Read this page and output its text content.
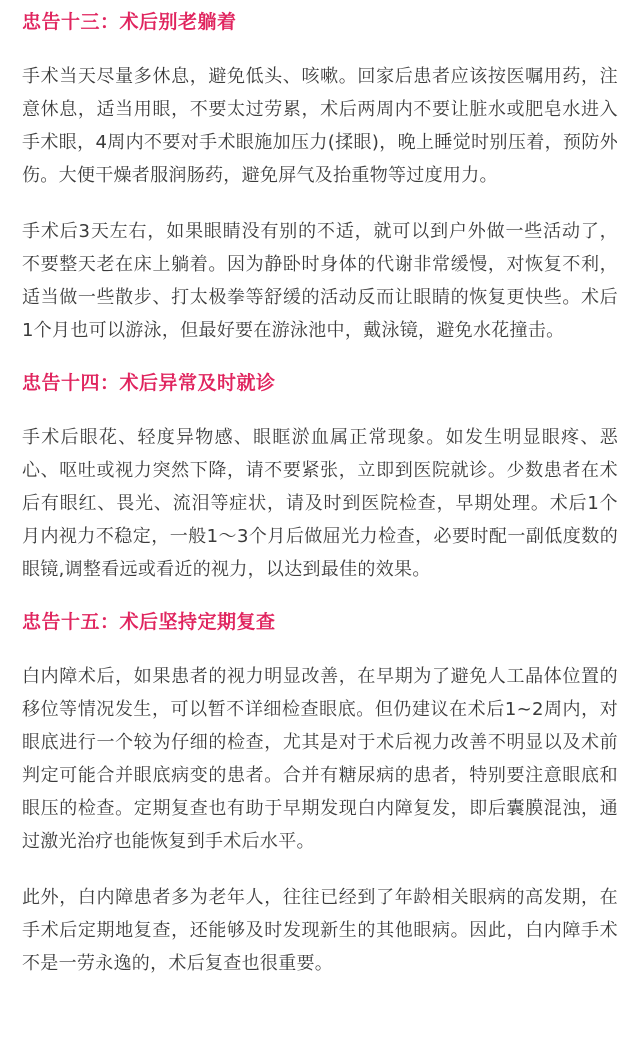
忠告十三：术后别老躺着

手术当天尽量多休息，避免低头、咳嗽。回家后患者应该按医嘱用药，注意休息，适当用眼，不要太过劳累，术后两周内不要让脏水或肥皂水进入手术眼，4周内不要对手术眼施加压力(揉眼)，晚上睡觉时别压着，预防外伤。大便干燥者服润肠药，避免屏气及抬重物等过度用力。

手术后3天左右，如果眼睛没有别的不适，就可以到户外做一些活动了，不要整天老在床上躺着。因为静卧时身体的代谢非常缓慢，对恢复不利，适当做一些散步、打太极拳等舒缓的活动反而让眼睛的恢复更快些。术后1个月也可以游泳，但最好要在游泳池中，戴泳镜，避免水花撞击。

忠告十四：术后异常及时就诊

手术后眼花、轻度异物感、眼眶淤血属正常现象。如发生明显眼疼、恶心、呕吐或视力突然下降，请不要紧张，立即到医院就诊。少数患者在术后有眼红、畏光、流泪等症状，请及时到医院检查，早期处理。术后1个月内视力不稳定，一般1～3个月后做屈光力检查，必要时配一副低度数的眼镜,调整看远或看近的视力，以达到最佳的效果。

忠告十五：术后坚持定期复查

白内障术后，如果患者的视力明显改善，在早期为了避免人工晶体位置的移位等情况发生，可以暂不详细检查眼底。但仍建议在术后1~2周内，对眼底进行一个较为仔细的检查，尤其是对于术后视力改善不明显以及术前判定可能合并眼底病变的患者。合并有糖尿病的患者，特别要注意眼底和眼压的检查。定期复查也有助于早期发现白内障复发，即后囊膜混浊，通过激光治疗也能恢复到手术后水平。

此外，白内障患者多为老年人，往往已经到了年龄相关眼病的高发期，在手术后定期地复查，还能够及时发现新生的其他眼病。因此，白内障手术不是一劳永逸的，术后复查也很重要。
